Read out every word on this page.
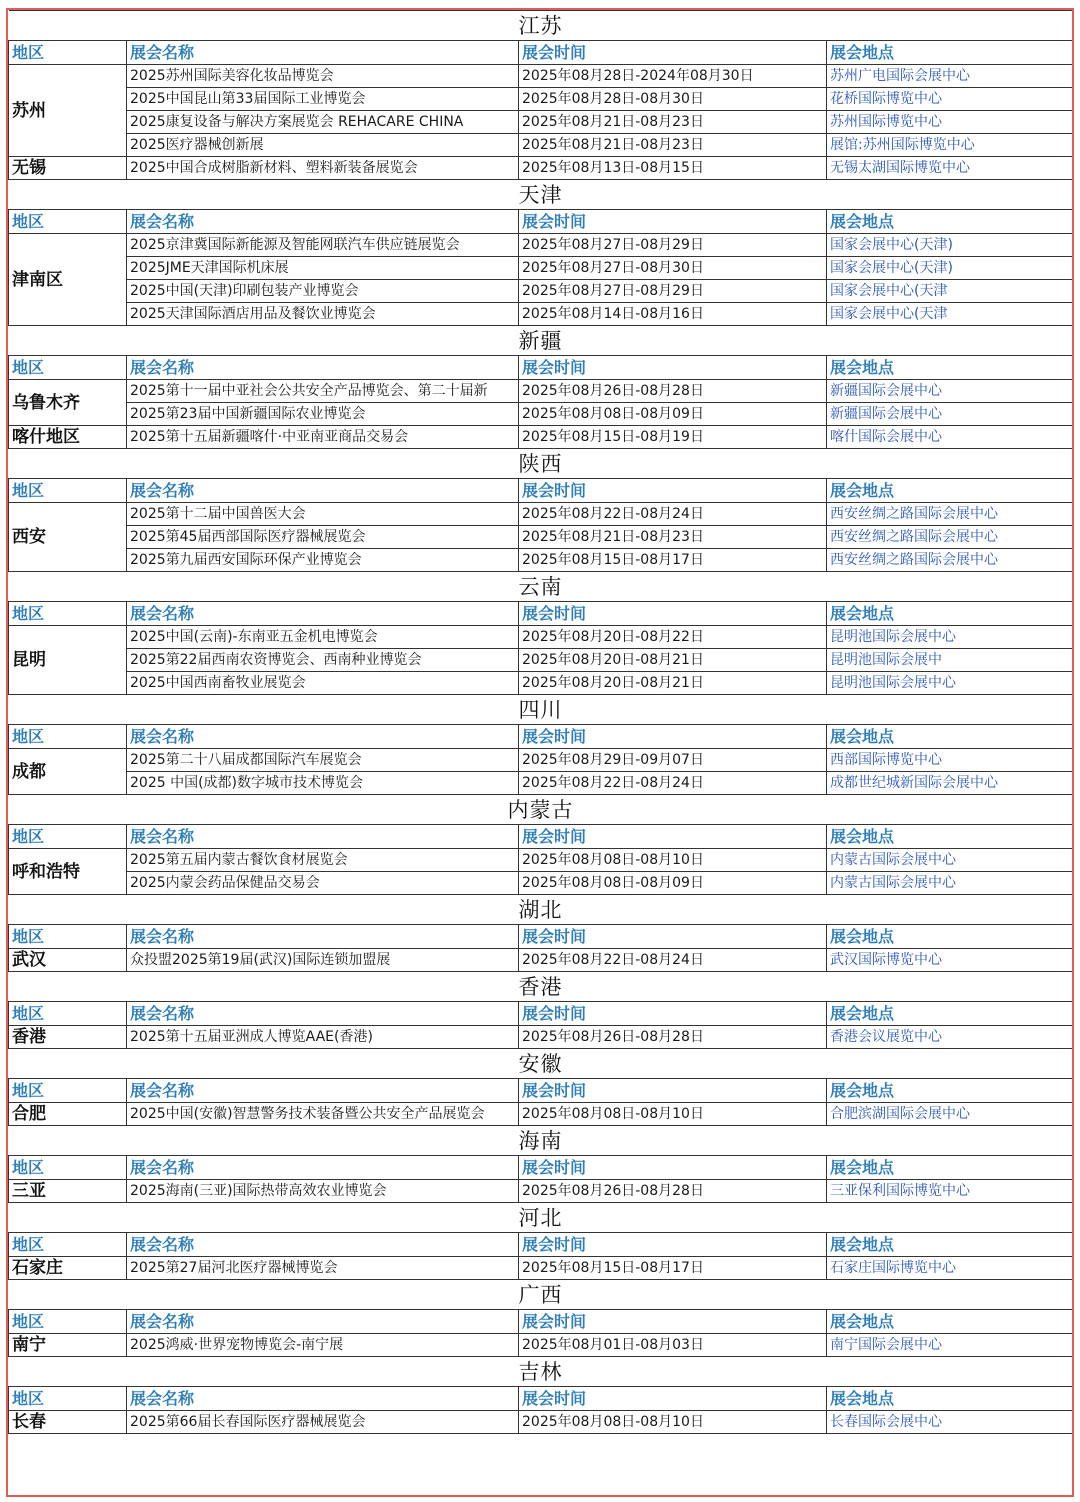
江苏			
地区	展会名称	展会时间	展会地点
苏州	2025苏州国际美容化妆品博览会	2025年08月28日-2024年08月30日	苏州广电国际会展中心
	2025中国昆山第33届国际工业博览会	2025年08月28日-08月30日	花桥国际博览中心
	2025康复设备与解决方案展览会 REHACARE CHINA	2025年08月21日-08月23日	苏州国际博览中心
	2025医疗器械创新展	2025年08月21日-08月23日	展馆:苏州国际博览中心
无锡	2025中国合成树脂新材料、塑料新装备展览会	2025年08月13日-08月15日	无锡太湖国际博览中心
天津			
地区	展会名称	展会时间	展会地点
津南区	2025京津冀国际新能源及智能网联汽车供应链展览会	2025年08月27日-08月29日	国家会展中心(天津)
	2025JME天津国际机床展	2025年08月27日-08月30日	国家会展中心(天津)
	2025中国(天津)印刷包装产业博览会	2025年08月27日-08月29日	国家会展中心(天津
	2025天津国际酒店用品及餐饮业博览会	2025年08月14日-08月16日	国家会展中心(天津
新疆			
地区	展会名称	展会时间	展会地点
乌鲁木齐	2025第十一届中亚社会公共安全产品博览会、第二十届新	2025年08月26日-08月28日	新疆国际会展中心
	2025第23届中国新疆国际农业博览会	2025年08月08日-08月09日	新疆国际会展中心
喀什地区	2025第十五届新疆喀什·中亚南亚商品交易会	2025年08月15日-08月19日	喀什国际会展中心
陕西			
地区	展会名称	展会时间	展会地点
西安	2025第十二届中国兽医大会	2025年08月22日-08月24日	西安丝绸之路国际会展中心
	2025第45届西部国际医疗器械展览会	2025年08月21日-08月23日	西安丝绸之路国际会展中心
	2025第九届西安国际环保产业博览会	2025年08月15日-08月17日	西安丝绸之路国际会展中心
云南			
地区	展会名称	展会时间	展会地点
昆明	2025中国(云南)-东南亚五金机电博览会	2025年08月20日-08月22日	昆明池国际会展中心
	2025第22届西南农资博览会、西南种业博览会	2025年08月20日-08月21日	昆明池国际会展中
	2025中国西南畜牧业展览会	2025年08月20日-08月21日	昆明池国际会展中心
四川			
地区	展会名称	展会时间	展会地点
成都	2025第二十八届成都国际汽车展览会	2025年08月29日-09月07日	西部国际博览中心
	2025 中国(成都)数字城市技术博览会	2025年08月22日-08月24日	成都世纪城新国际会展中心
内蒙古			
地区	展会名称	展会时间	展会地点
呼和浩特	2025第五届内蒙古餐饮食材展览会	2025年08月08日-08月10日	内蒙古国际会展中心
	2025内蒙会药品保健品交易会	2025年08月08日-08月09日	内蒙古国际会展中心
湖北			
地区	展会名称	展会时间	展会地点
武汉	众投盟2025第19届(武汉)国际连锁加盟展	2025年08月22日-08月24日	武汉国际博览中心
香港			
地区	展会名称	展会时间	展会地点
香港	2025第十五届亚洲成人博览AAE(香港)	2025年08月26日-08月28日	香港会议展览中心
安徽			
地区	展会名称	展会时间	展会地点
合肥	2025中国(安徽)智慧警务技术装备暨公共安全产品展览会	2025年08月08日-08月10日	合肥滨湖国际会展中心
海南			
地区	展会名称	展会时间	展会地点
三亚	2025海南(三亚)国际热带高效农业博览会	2025年08月26日-08月28日	三亚保利国际博览中心
河北			
地区	展会名称	展会时间	展会地点
石家庄	2025第27届河北医疗器械博览会	2025年08月15日-08月17日	石家庄国际博览中心
广西			
地区	展会名称	展会时间	展会地点
南宁	2025鸿威·世界宠物博览会-南宁展	2025年08月01日-08月03日	南宁国际会展中心
吉林			
地区	展会名称	展会时间	展会地点
长春	2025第66届长春国际医疗器械展览会	2025年08月08日-08月10日	长春国际会展中心
